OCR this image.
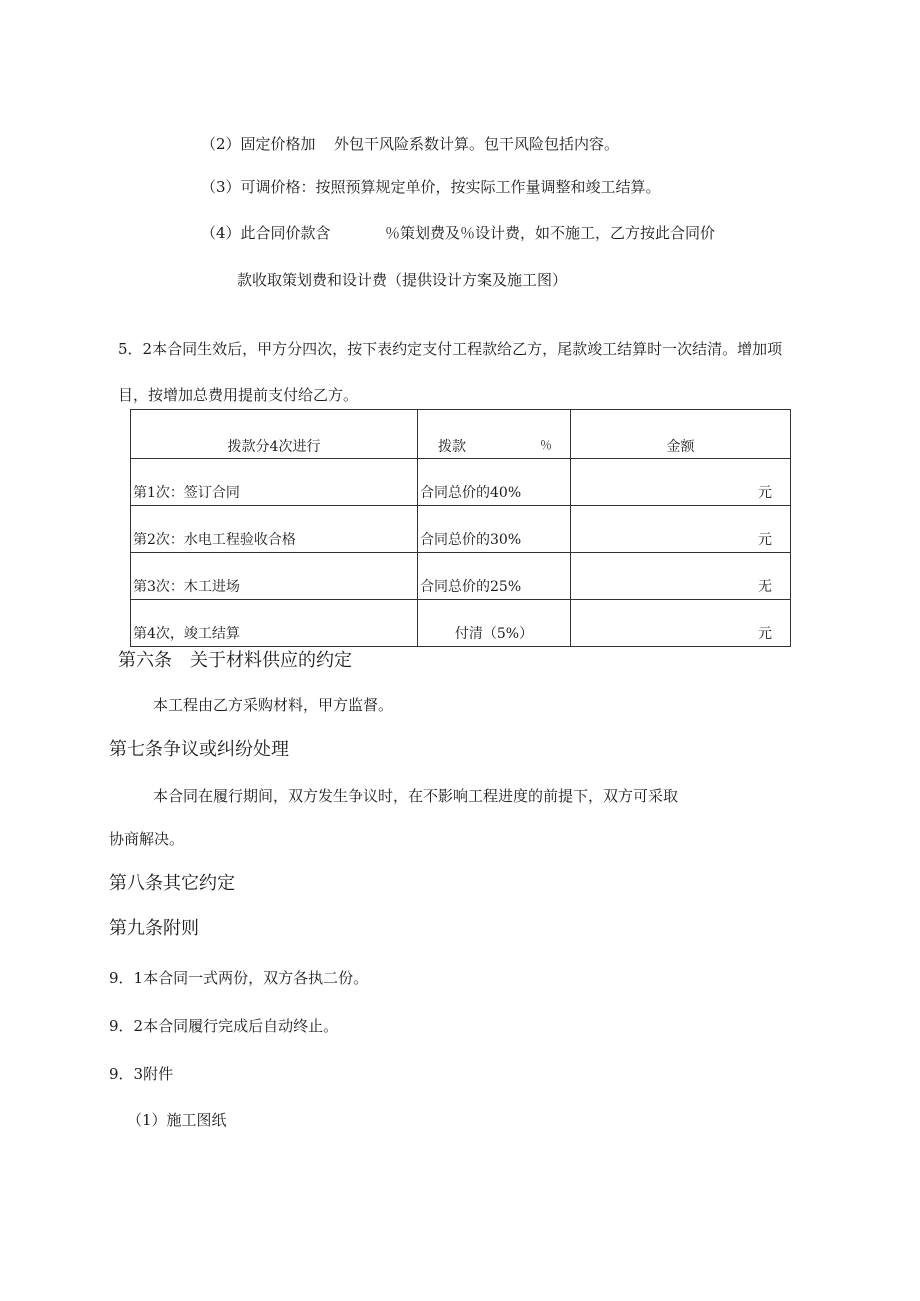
（2）固定价格加 外包干风险系数计算。包干风险包括内容。
（3）可调价格：按照预算规定单价，按实际工作量调整和竣工结算。
（4）此合同价款含	％策划费及％设计费，如不施工，乙方按此合同价
款收取策划费和设计费（提供设计方案及施工图）
5．2本合同生效后，甲方分四次，按下表约定支付工程款给乙方，尾款竣工结算时一次结清。增加项
目，按增加总费用提前支付给乙方。
拨款分4次进行	拨款 ％	金额

第1次：签订合同	合同总价的40%	元

第2次：水电工程验收合格	合同总价的30%	元

第3次：木工进场	合同总价的25%	无

第4次，竣工结算	付清（5%）	元
第六条　关于材料供应的约定
本工程由乙方采购材料，甲方监督。
第七条争议或纠纷处理
本合同在履行期间，双方发生争议时，在不影响工程进度的前提下，双方可采取
协商解决。
第八条其它约定
第九条附则
9．1本合同一式两份，双方各执二份。
9．2本合同履行完成后自动终止。
9．3附件
（1）施工图纸
